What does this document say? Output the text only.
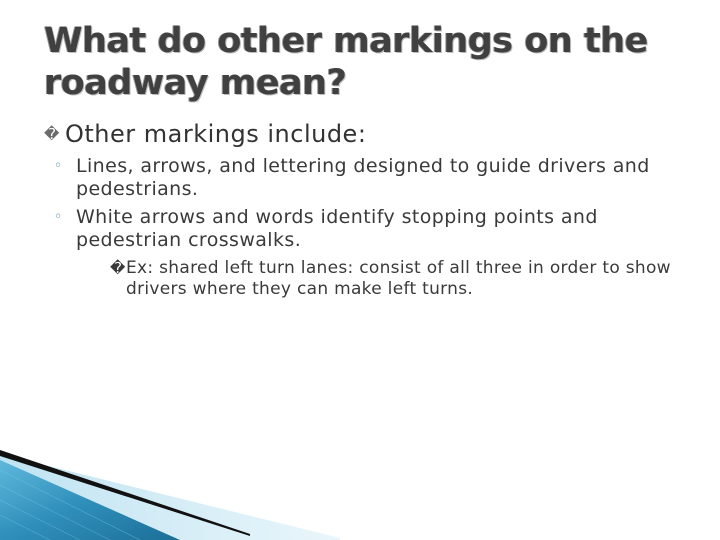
What do other markings on the roadway mean?
� Other markings include:
◦ Lines, arrows, and lettering designed to guide drivers and pedestrians.
◦ White arrows and words identify stopping points and pedestrian crosswalks.
� Ex: shared left turn lanes: consist of all three in order to show drivers where they can make left turns.
